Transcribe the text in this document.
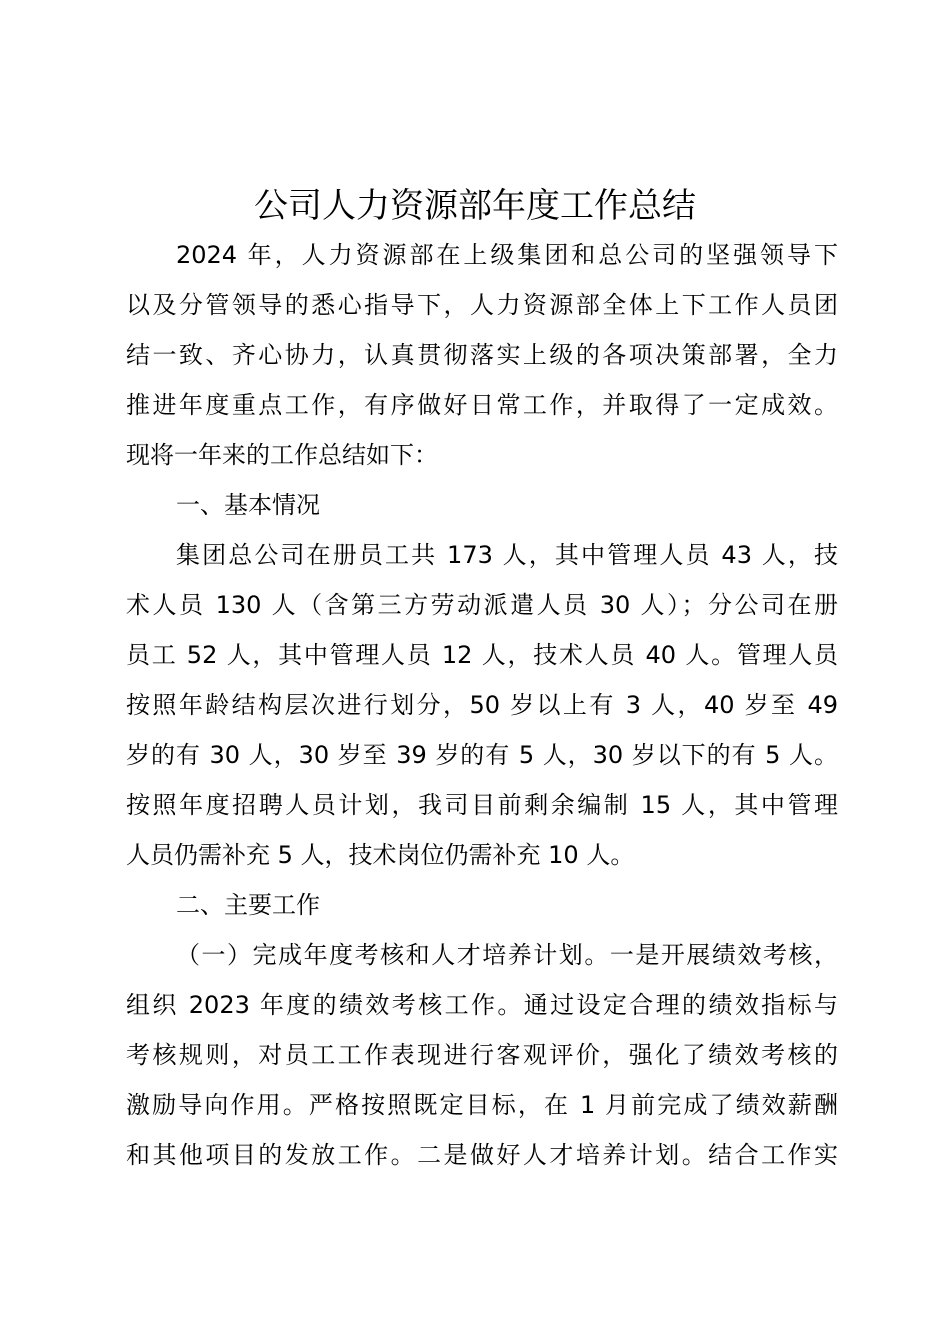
公司人力资源部年度工作总结
2024 年，人力资源部在上级集团和总公司的坚强领导下
以及分管领导的悉心指导下，人力资源部全体上下工作人员团
结一致、齐心协力，认真贯彻落实上级的各项决策部署，全力
推进年度重点工作，有序做好日常工作，并取得了一定成效。
现将一年来的工作总结如下：
一、基本情况
集团总公司在册员工共 173 人，其中管理人员 43 人，技
术人员 130 人（含第三方劳动派遣人员 30 人）；分公司在册
员工 52 人，其中管理人员 12 人，技术人员 40 人。管理人员
按照年龄结构层次进行划分，50 岁以上有 3 人，40 岁至 49
岁的有 30 人，30 岁至 39 岁的有 5 人，30 岁以下的有 5 人。
按照年度招聘人员计划，我司目前剩余编制 15 人，其中管理
人员仍需补充 5 人，技术岗位仍需补充 10 人。
二、主要工作
（一）完成年度考核和人才培养计划。一是开展绩效考核，
组织 2023 年度的绩效考核工作。通过设定合理的绩效指标与
考核规则，对员工工作表现进行客观评价，强化了绩效考核的
激励导向作用。严格按照既定目标，在 1 月前完成了绩效薪酬
和其他项目的发放工作。二是做好人才培养计划。结合工作实
